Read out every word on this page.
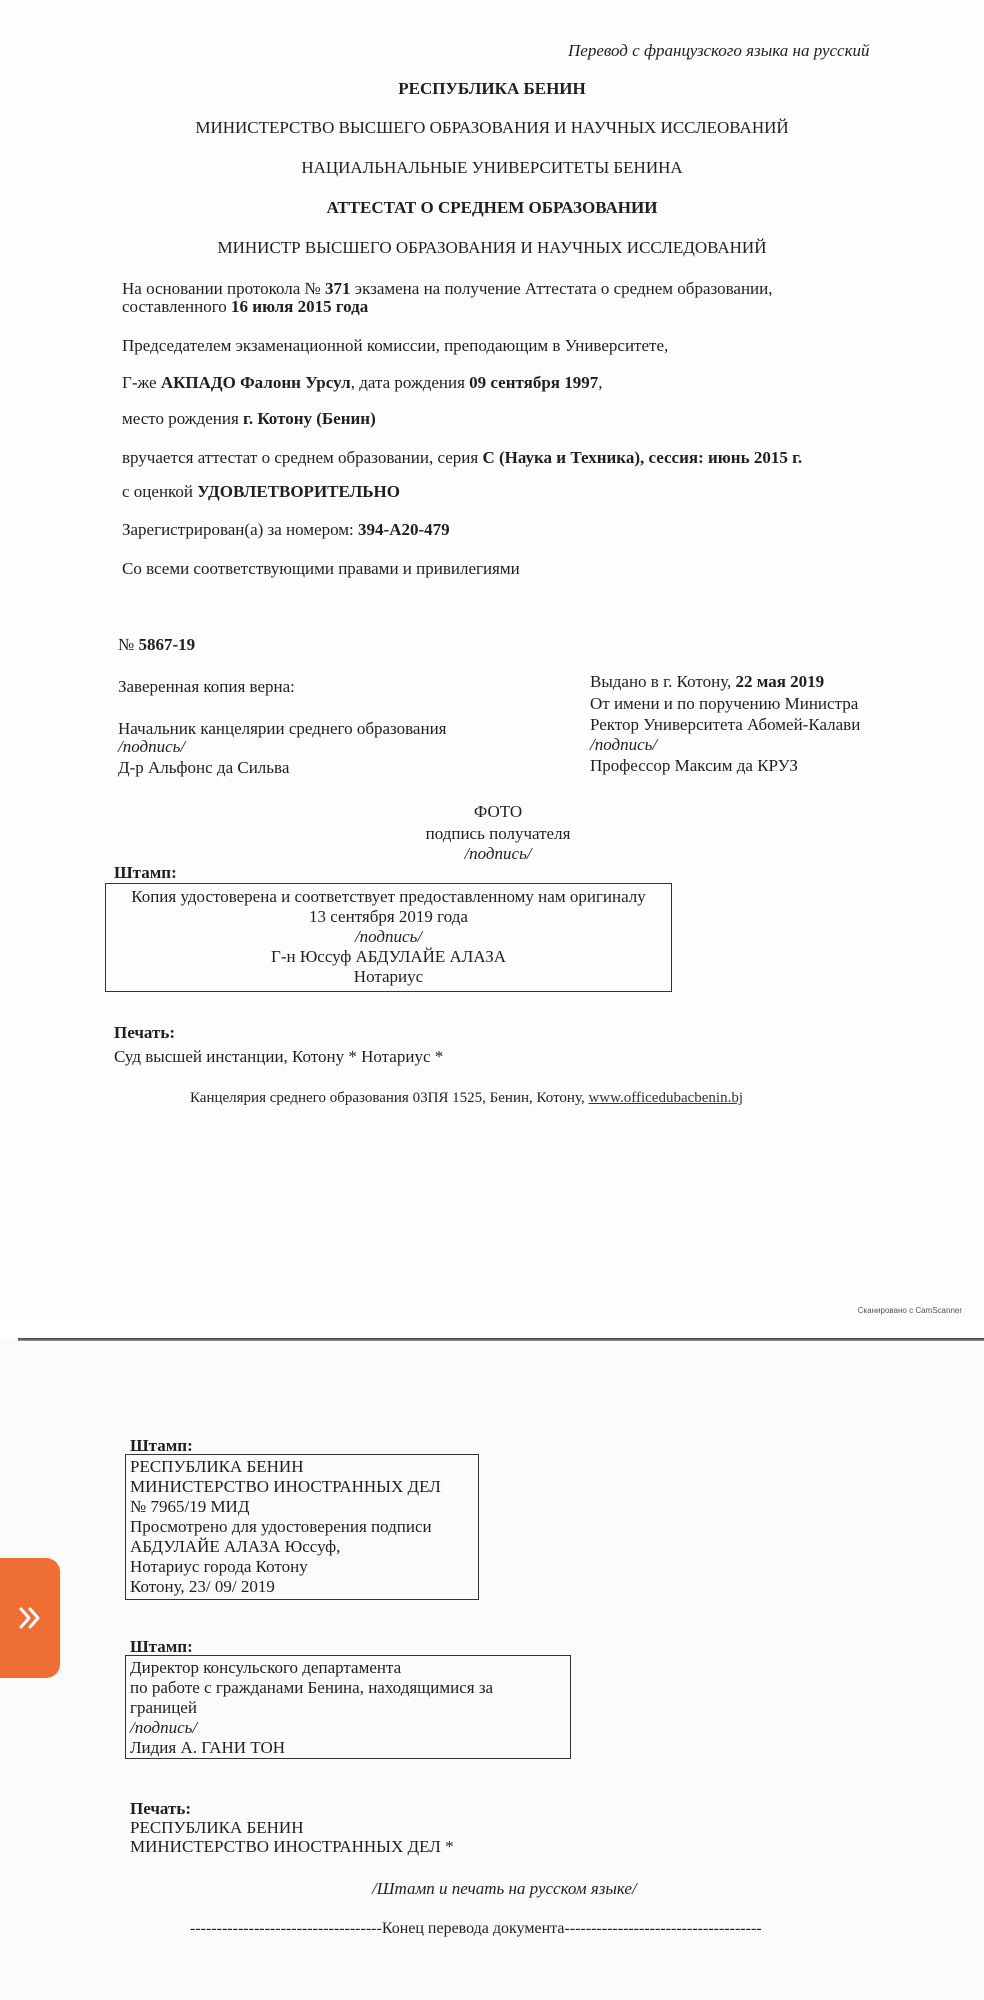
Перевод с французского языка на русский
РЕСПУБЛИКА БЕНИН
МИНИСТЕРСТВО ВЫСШЕГО ОБРАЗОВАНИЯ И НАУЧНЫХ ИССЛЕОВАНИЙ
НАЦИАЛЬНАЛЬНЫЕ УНИВЕРСИТЕТЫ БЕНИНА
АТТЕСТАТ О СРЕДНЕМ ОБРАЗОВАНИИ
МИНИСТР ВЫСШЕГО ОБРАЗОВАНИЯ И НАУЧНЫХ ИССЛЕДОВАНИЙ
На основании протокола № 371 экзамена на получение Аттестата о среднем образовании,
составленного 16 июля 2015 года
Председателем экзаменационной комиссии, преподающим в Университете,
Г-же АКПАДО Фалонн Урсул, дата рождения 09 сентября 1997,
место рождения г. Котону (Бенин)
вручается аттестат о среднем образовании, серия С (Наука и Техника), сессия: июнь 2015 г.
с оценкой УДОВЛЕТВОРИТЕЛЬНО
Зарегистрирован(а) за номером: 394-А20-479
Со всеми соответствующими правами и привилегиями
№ 5867-19
Заверенная копия верна:
Начальник канцелярии среднего образования
/подпись/
Д-р Альфонс да Сильва
Выдано в г. Котону, 22 мая 2019
От имени и по поручению Министра
Ректор Университета Абомей-Калави
/подпись/
Профессор Максим да КРУЗ
ФОТО
подпись получателя
/подпись/
Штамп:
Копия удостоверена и соответствует предоставленному нам оригиналу
13 сентября 2019 года
/подпись/
Г-н Юссуф АБДУЛАЙЕ АЛАЗА
Нотариус
Печать:
Суд высшей инстанции, Котону * Нотариус *
Канцелярия среднего образования 03ПЯ 1525, Бенин, Котону, www.officedubacbenin.bj
Сканировано с CamScanner
Штамп:
РЕСПУБЛИКА БЕНИН
МИНИСТЕРСТВО ИНОСТРАННЫХ ДЕЛ
№ 7965/19 МИД
Просмотрено для удостоверения подписи
АБДУЛАЙЕ АЛАЗА Юссуф,
Нотариус города Котону
Котону, 23/ 09/ 2019
Штамп:
Директор консульского департамента
по работе с гражданами Бенина, находящимися за
границей
/подпись/
Лидия А. ГАНИ ТОН
Печать:
РЕСПУБЛИКА БЕНИН
МИНИСТЕРСТВО ИНОСТРАННЫХ ДЕЛ *
/Штамп и печать на русском языке/
------------------------------------Конец перевода документа-------------------------------------
